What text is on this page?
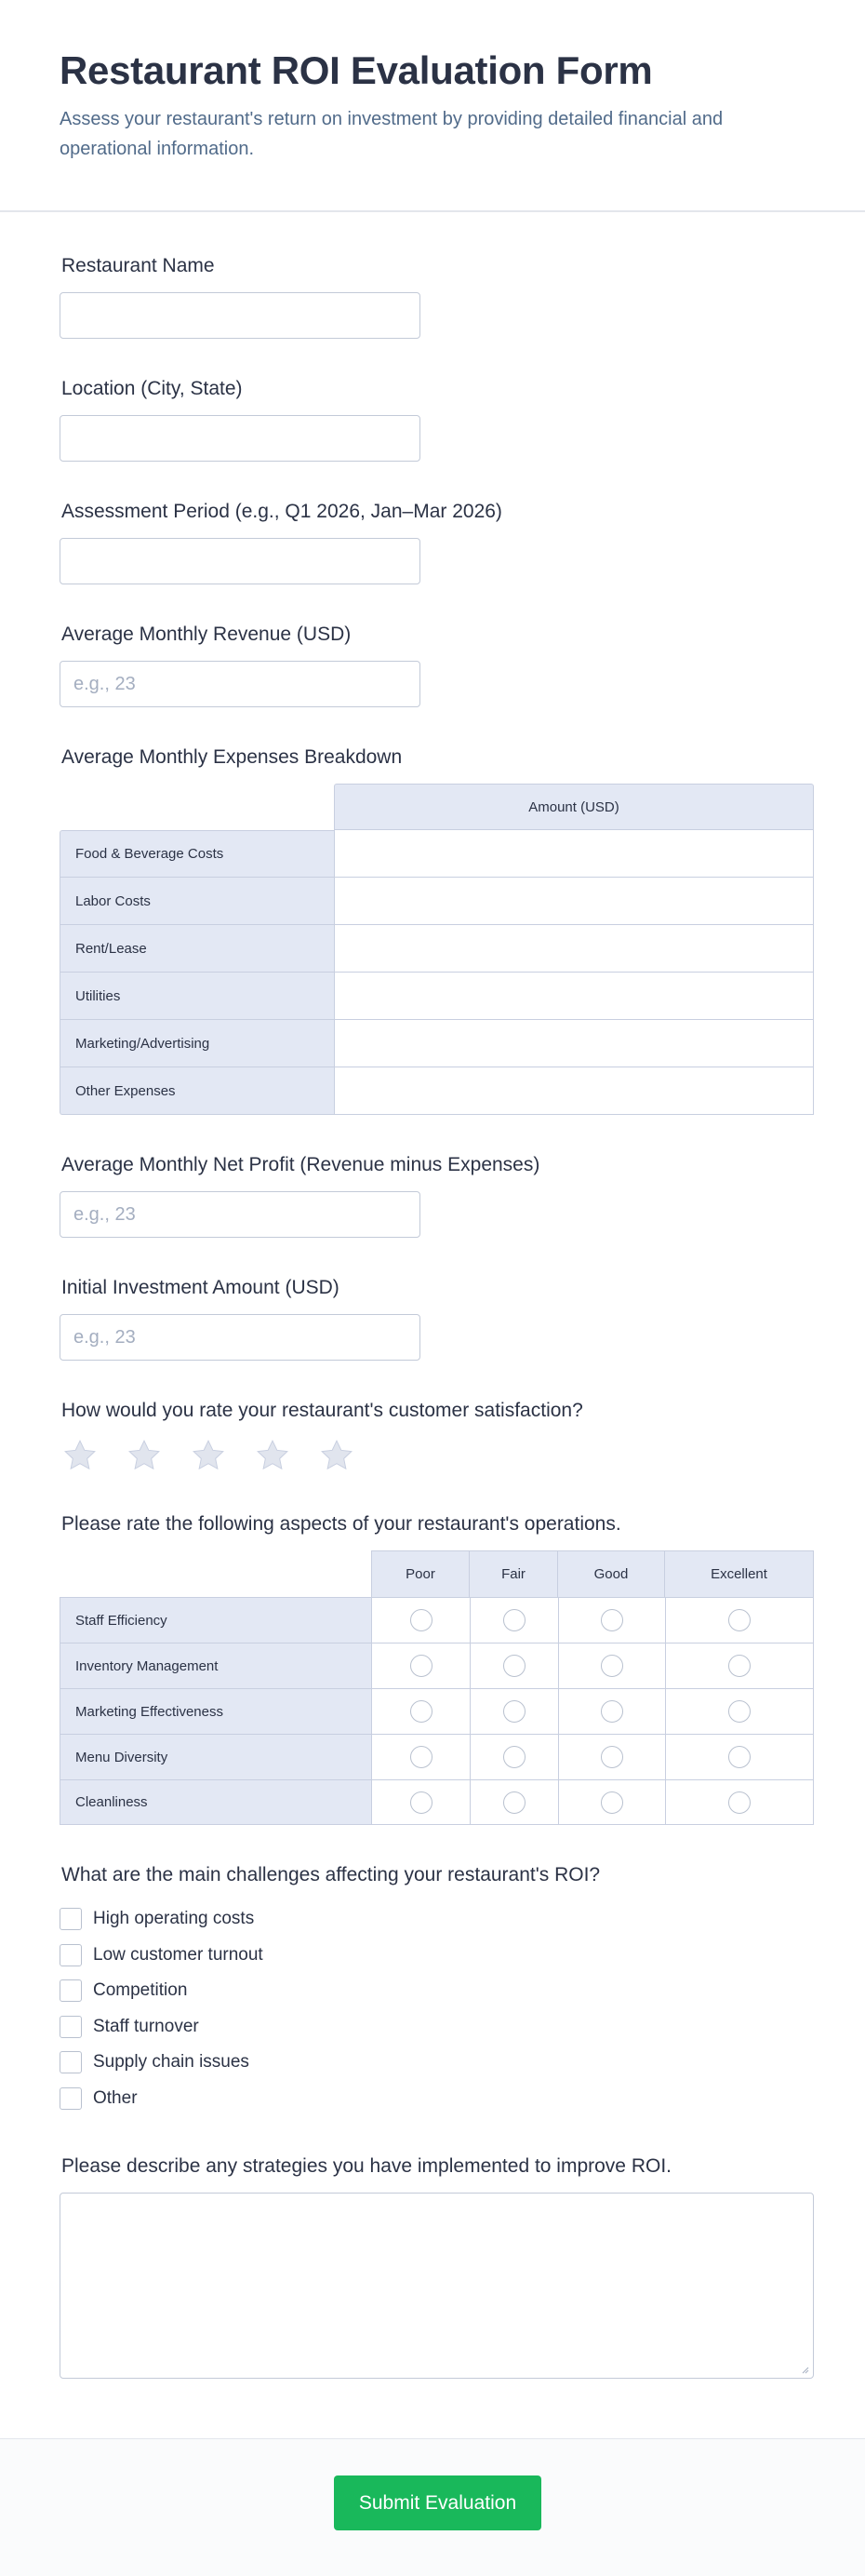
Restaurant ROI Evaluation Form

Assess your restaurant's return on investment by providing detailed financial and operational information.

Restaurant Name
Location (City, State)
Assessment Period (e.g., Q1 2026, Jan–Mar 2026)
Average Monthly Revenue (USD)
e.g., 23
Average Monthly Expenses Breakdown
	Amount (USD)
Food & Beverage Costs	
Labor Costs	
Rent/Lease	
Utilities	
Marketing/Advertising	
Other Expenses	
Average Monthly Net Profit (Revenue minus Expenses)
e.g., 23
Initial Investment Amount (USD)
e.g., 23
How would you rate your restaurant's customer satisfaction?
Please rate the following aspects of your restaurant's operations.
	Poor	Fair	Good	Excellent
Staff Efficiency				
Inventory Management				
Marketing Effectiveness				
Menu Diversity				
Cleanliness				
What are the main challenges affecting your restaurant's ROI?
High operating costs
Low customer turnout
Competition
Staff turnover
Supply chain issues
Other
Please describe any strategies you have implemented to improve ROI.
Submit Evaluation
